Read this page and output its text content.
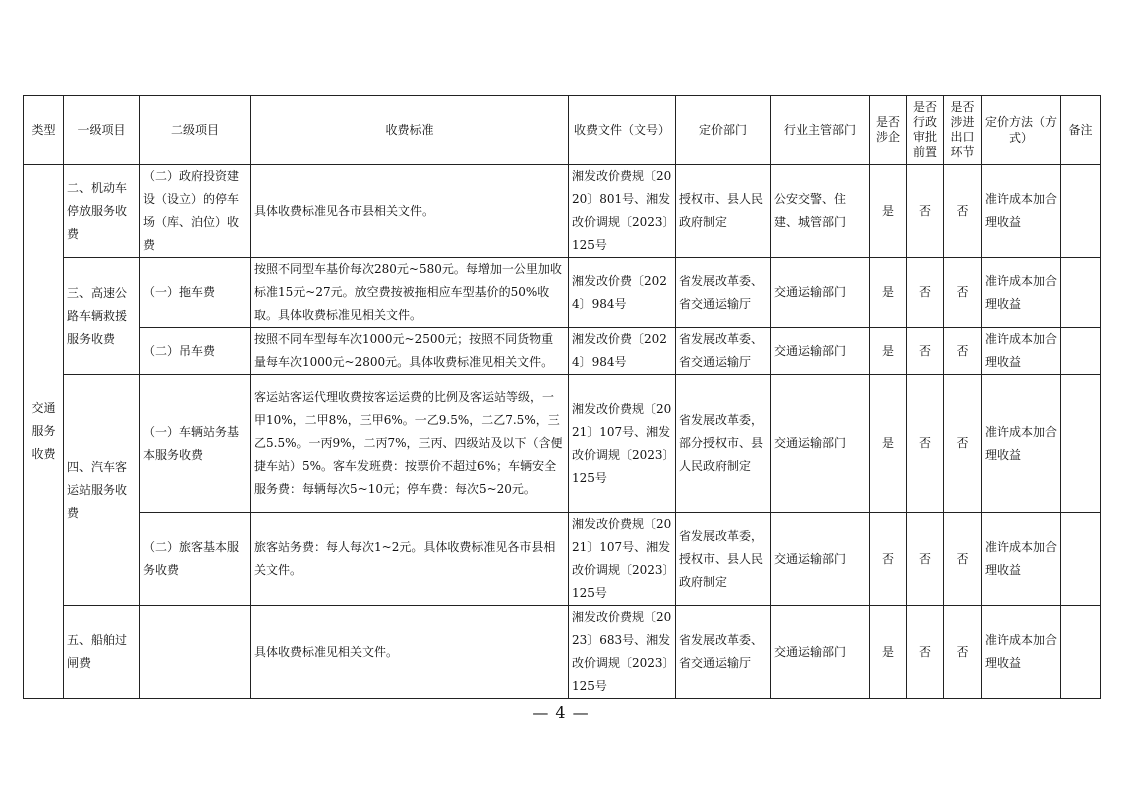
类型	一级项目	二级项目	收费标准	收费文件（文号）	定价部门	行业主管部门	是否涉企	是否行政审批前置	是否涉进出口环节	定价方法（方式）	备注
交通服务收费	二、机动车停放服务收费	（二）政府投资建设（设立）的停车场（库、泊位）收费	具体收费标准见各市县相关文件。	湘发改价费规〔2020〕801号、湘发改价调规〔2023〕125号	授权市、县人民政府制定	公安交警、住建、城管部门	是	否	否	准许成本加合理收益	
	三、高速公路车辆救援服务收费	（一）拖车费	按照不同型车基价每次280元~580元。每增加一公里加收标准15元~27元。放空费按被拖相应车型基价的50%收取。具体收费标准见相关文件。	湘发改价费〔2024〕984号	省发展改革委、省交通运输厅	交通运输部门	是	否	否	准许成本加合理收益	
		（二）吊车费	按照不同车型每车次1000元~2500元；按照不同货物重量每车次1000元~2800元。具体收费标准见相关文件。	湘发改价费〔2024〕984号	省发展改革委、省交通运输厅	交通运输部门	是	否	否	准许成本加合理收益	
	四、汽车客运站服务收费	（一）车辆站务基本服务收费	客运站客运代理收费按客运运费的比例及客运站等级，一甲10%，二甲8%，三甲6%。一乙9.5%，二乙7.5%，三乙5.5%。一丙9%，二丙7%，三丙、四级站及以下（含便捷车站）5%。客车发班费：按票价不超过6%；车辆安全服务费：每辆每次5~10元；停车费：每次5~20元。	湘发改价费规〔2021〕107号、湘发改价调规〔2023〕125号	省发展改革委，部分授权市、县人民政府制定	交通运输部门	是	否	否	准许成本加合理收益	
		（二）旅客基本服务收费	旅客站务费：每人每次1~2元。具体收费标准见各市县相关文件。	湘发改价费规〔2021〕107号、湘发改价调规〔2023〕125号	省发展改革委，授权市、县人民政府制定	交通运输部门	否	否	否	准许成本加合理收益	
	五、船舶过闸费		具体收费标准见相关文件。	湘发改价费规〔2023〕683号、湘发改价调规〔2023〕125号	省发展改革委、省交通运输厅	交通运输部门	是	否	否	准许成本加合理收益	
— 4 —
